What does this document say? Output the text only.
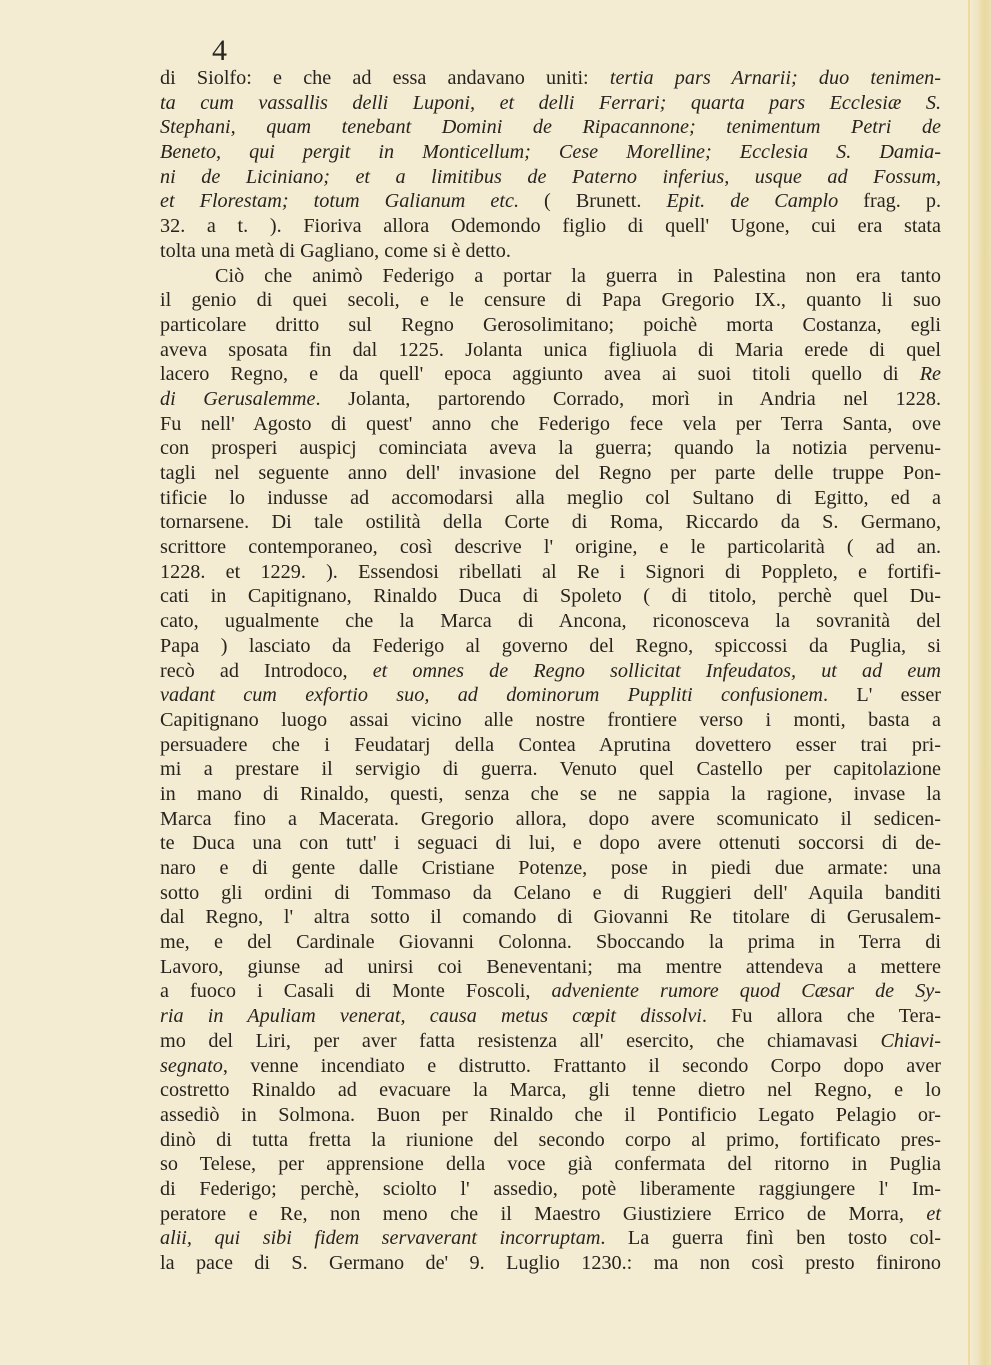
4
di Siolfo: e che ad essa andavano uniti: tertia pars Arnarii; duo tenimen-
ta cum vassallis delli Luponi, et delli Ferrari; quarta pars Ecclesiæ S.
Stephani, quam tenebant Domini de Ripacannone; tenimentum Petri de
Beneto, qui pergit in Monticellum; Cese Morelline; Ecclesia S. Damia-
ni de Liciniano; et a limitibus de Paterno inferius, usque ad Fossum,
et Florestam; totum Galianum etc. ( Brunett. Epit. de Camplo frag. p.
32. a t. ). Fioriva allora Odemondo figlio di quell' Ugone, cui era stata
tolta una metà di Gagliano, come si è detto.
Ciò che animò Federigo a portar la guerra in Palestina non era tanto
il genio di quei secoli, e le censure di Papa Gregorio IX., quanto li suo
particolare dritto sul Regno Gerosolimitano; poichè morta Costanza, egli
aveva sposata fin dal 1225. Jolanta unica figliuola di Maria erede di quel
lacero Regno, e da quell' epoca aggiunto avea ai suoi titoli quello di Re
di Gerusalemme. Jolanta, partorendo Corrado, morì in Andria nel 1228.
Fu nell' Agosto di quest' anno che Federigo fece vela per Terra Santa, ove
con prosperi auspicj cominciata aveva la guerra; quando la notizia pervenu-
tagli nel seguente anno dell' invasione del Regno per parte delle truppe Pon-
tificie lo indusse ad accomodarsi alla meglio col Sultano di Egitto, ed a
tornarsene. Di tale ostilità della Corte di Roma, Riccardo da S. Germano,
scrittore contemporaneo, così descrive l' origine, e le particolarità ( ad an.
1228. et 1229. ). Essendosi ribellati al Re i Signori di Poppleto, e fortifi-
cati in Capitignano, Rinaldo Duca di Spoleto ( di titolo, perchè quel Du-
cato, ugualmente che la Marca di Ancona, riconosceva la sovranità del
Papa ) lasciato da Federigo al governo del Regno, spiccossi da Puglia, si
recò ad Introdoco, et omnes de Regno sollicitat Infeudatos, ut ad eum
vadant cum exfortio suo, ad dominorum Puppliti confusionem. L' esser
Capitignano luogo assai vicino alle nostre frontiere verso i monti, basta a
persuadere che i Feudatarj della Contea Aprutina dovettero esser trai pri-
mi a prestare il servigio di guerra. Venuto quel Castello per capitolazione
in mano di Rinaldo, questi, senza che se ne sappia la ragione, invase la
Marca fino a Macerata. Gregorio allora, dopo avere scomunicato il sedicen-
te Duca una con tutt' i seguaci di lui, e dopo avere ottenuti soccorsi di de-
naro e di gente dalle Cristiane Potenze, pose in piedi due armate: una
sotto gli ordini di Tommaso da Celano e di Ruggieri dell' Aquila banditi
dal Regno, l' altra sotto il comando di Giovanni Re titolare di Gerusalem-
me, e del Cardinale Giovanni Colonna. Sboccando la prima in Terra di
Lavoro, giunse ad unirsi coi Beneventani; ma mentre attendeva a mettere
a fuoco i Casali di Monte Foscoli, adveniente rumore quod Cæsar de Sy-
ria in Apuliam venerat, causa metus cœpit dissolvi. Fu allora che Tera-
mo del Liri, per aver fatta resistenza all' esercito, che chiamavasi Chiavi-
segnato, venne incendiato e distrutto. Frattanto il secondo Corpo dopo aver
costretto Rinaldo ad evacuare la Marca, gli tenne dietro nel Regno, e lo
assediò in Solmona. Buon per Rinaldo che il Pontificio Legato Pelagio or-
dinò di tutta fretta la riunione del secondo corpo al primo, fortificato pres-
so Telese, per apprensione della voce già confermata del ritorno in Puglia
di Federigo; perchè, sciolto l' assedio, potè liberamente raggiungere l' Im-
peratore e Re, non meno che il Maestro Giustiziere Errico de Morra, et
alii, qui sibi fidem servaverant incorruptam. La guerra finì ben tosto col-
la pace di S. Germano de' 9. Luglio 1230.: ma non così presto finirono
